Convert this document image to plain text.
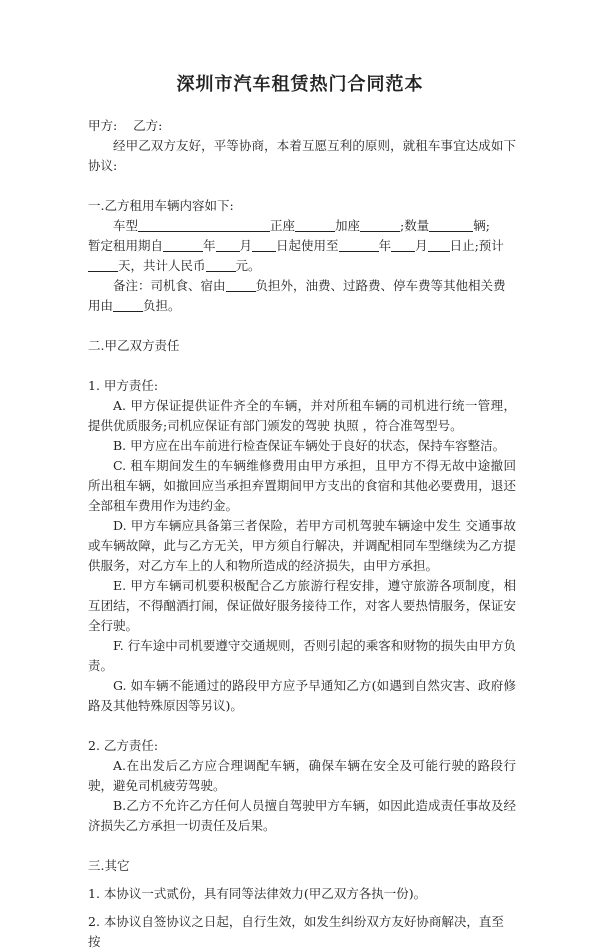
深圳市汽车租赁热门合同范本

甲方: 乙方:

经甲乙双方友好，平等协商，本着互愿互利的原则，就租车事宜达成如下协议:

一.乙方租用车辆内容如下:

车型	正座	加座	;数量	辆;

暂定租用期自	年 月 日起使用至	年 月 日止;预计

天，共计人民币 元。

备注：司机食、宿由 负担外，油费、过路费、停车费等其他相关费用由 负担。

二.甲乙双方责任

1. 甲方责任:

A. 甲方保证提供证件齐全的车辆，并对所租车辆的司机进行统一管理，提供优质服务;司机应保证有部门颁发的驾驶 执照 ，符合准驾型号。

B. 甲方应在出车前进行检查保证车辆处于良好的状态，保持车容整洁。

C. 租车期间发生的车辆维修费用由甲方承担，且甲方不得无故中途撤回所出租车辆，如撤回应当承担弃置期间甲方支出的食宿和其他必要费用，退还全部租车费用作为违约金。

D. 甲方车辆应具备第三者保险，若甲方司机驾驶车辆途中发生 交通事故或车辆故障，此与乙方无关，甲方须自行解决，并调配相同车型继续为乙方提供服务，对乙方车上的人和物所造成的经济损失，由甲方承担。

E. 甲方车辆司机要积极配合乙方旅游行程安排，遵守旅游各项制度，相互团结，不得酗酒打闹，保证做好服务接待工作，对客人要热情服务，保证安全行驶。

F. 行车途中司机要遵守交通规则，否则引起的乘客和财物的损失由甲方负责。

G. 如车辆不能通过的路段甲方应予早通知乙方(如遇到自然灾害、政府修路及其他特殊原因等另议)。

2. 乙方责任:

A.在出发后乙方应合理调配车辆，确保车辆在安全及可能行驶的路段行驶，避免司机疲劳驾驶。

B.乙方不允许乙方任何人员擅自驾驶甲方车辆，如因此造成责任事故及经济损失乙方承担一切责任及后果。

三.其它

1. 本协议一式贰份，具有同等法律效力(甲乙双方各执一份)。

2. 本协议自签协议之日起，自行生效，如发生纠纷双方友好协商解决，直至按
